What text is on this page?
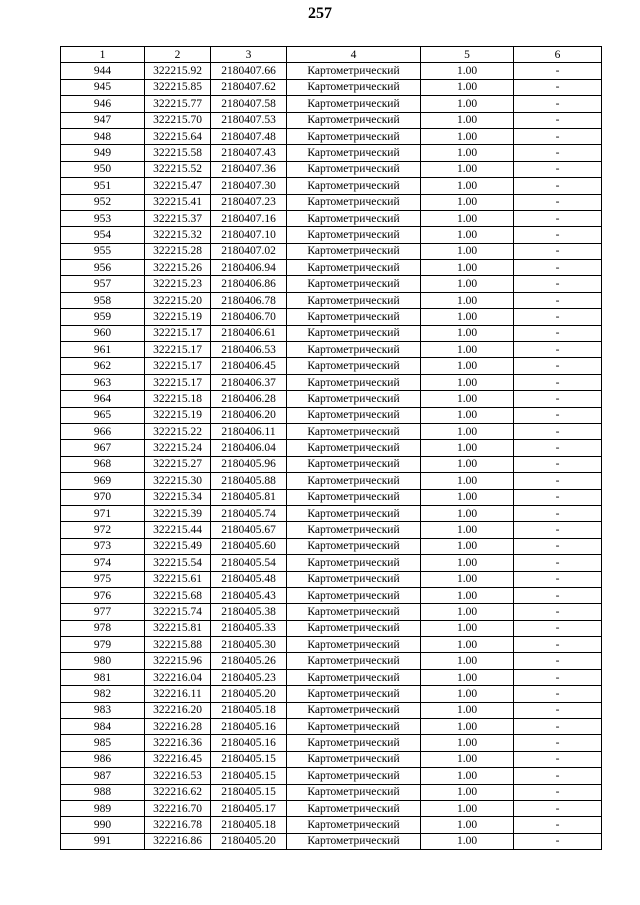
257
1	2	3	4	5	6
944	322215.92	2180407.66	Картометрический	1.00	-
945	322215.85	2180407.62	Картометрический	1.00	-
946	322215.77	2180407.58	Картометрический	1.00	-
947	322215.70	2180407.53	Картометрический	1.00	-
948	322215.64	2180407.48	Картометрический	1.00	-
949	322215.58	2180407.43	Картометрический	1.00	-
950	322215.52	2180407.36	Картометрический	1.00	-
951	322215.47	2180407.30	Картометрический	1.00	-
952	322215.41	2180407.23	Картометрический	1.00	-
953	322215.37	2180407.16	Картометрический	1.00	-
954	322215.32	2180407.10	Картометрический	1.00	-
955	322215.28	2180407.02	Картометрический	1.00	-
956	322215.26	2180406.94	Картометрический	1.00	-
957	322215.23	2180406.86	Картометрический	1.00	-
958	322215.20	2180406.78	Картометрический	1.00	-
959	322215.19	2180406.70	Картометрический	1.00	-
960	322215.17	2180406.61	Картометрический	1.00	-
961	322215.17	2180406.53	Картометрический	1.00	-
962	322215.17	2180406.45	Картометрический	1.00	-
963	322215.17	2180406.37	Картометрический	1.00	-
964	322215.18	2180406.28	Картометрический	1.00	-
965	322215.19	2180406.20	Картометрический	1.00	-
966	322215.22	2180406.11	Картометрический	1.00	-
967	322215.24	2180406.04	Картометрический	1.00	-
968	322215.27	2180405.96	Картометрический	1.00	-
969	322215.30	2180405.88	Картометрический	1.00	-
970	322215.34	2180405.81	Картометрический	1.00	-
971	322215.39	2180405.74	Картометрический	1.00	-
972	322215.44	2180405.67	Картометрический	1.00	-
973	322215.49	2180405.60	Картометрический	1.00	-
974	322215.54	2180405.54	Картометрический	1.00	-
975	322215.61	2180405.48	Картометрический	1.00	-
976	322215.68	2180405.43	Картометрический	1.00	-
977	322215.74	2180405.38	Картометрический	1.00	-
978	322215.81	2180405.33	Картометрический	1.00	-
979	322215.88	2180405.30	Картометрический	1.00	-
980	322215.96	2180405.26	Картометрический	1.00	-
981	322216.04	2180405.23	Картометрический	1.00	-
982	322216.11	2180405.20	Картометрический	1.00	-
983	322216.20	2180405.18	Картометрический	1.00	-
984	322216.28	2180405.16	Картометрический	1.00	-
985	322216.36	2180405.16	Картометрический	1.00	-
986	322216.45	2180405.15	Картометрический	1.00	-
987	322216.53	2180405.15	Картометрический	1.00	-
988	322216.62	2180405.15	Картометрический	1.00	-
989	322216.70	2180405.17	Картометрический	1.00	-
990	322216.78	2180405.18	Картометрический	1.00	-
991	322216.86	2180405.20	Картометрический	1.00	-
